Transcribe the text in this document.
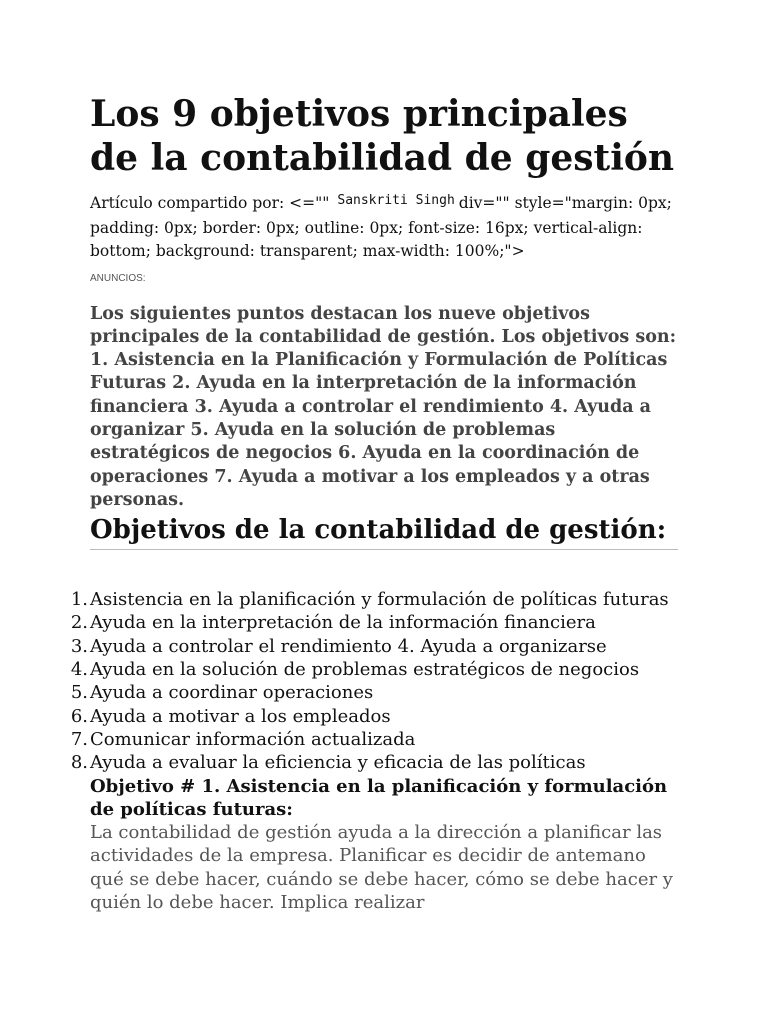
Los 9 objetivos principales de la contabilidad de gestión

Artículo compartido por: <="" $^{Sanskriti Singh}$ div="" style="margin: 0px; padding: 0px; border: 0px; outline: 0px; font-size: 16px; vertical-align: bottom; background: transparent; max-width: 100%;">

ANUNCIOS:

Los siguientes puntos destacan los nueve objetivos principales de la contabilidad de gestión. Los objetivos son: 1. Asistencia en la Planificación y Formulación de Políticas Futuras 2. Ayuda en la interpretación de la información financiera 3. Ayuda a controlar el rendimiento 4. Ayuda a organizar 5. Ayuda en la solución de problemas estratégicos de negocios 6. Ayuda en la coordinación de operaciones 7. Ayuda a motivar a los empleados y a otras personas.

Objetivos de la contabilidad de gestión:
1. Asistencia en la planificación y formulación de políticas futuras
2. Ayuda en la interpretación de la información financiera
3. Ayuda a controlar el rendimiento 4. Ayuda a organizarse
4. Ayuda en la solución de problemas estratégicos de negocios
5. Ayuda a coordinar operaciones
6. Ayuda a motivar a los empleados
7. Comunicar información actualizada
8. Ayuda a evaluar la eficiencia y eficacia de las políticas

Objetivo # 1. Asistencia en la planificación y formulación de políticas futuras:

La contabilidad de gestión ayuda a la dirección a planificar las actividades de la empresa. Planificar es decidir de antemano qué se debe hacer, cuándo se debe hacer, cómo se debe hacer y quién lo debe hacer. Implica realizar
